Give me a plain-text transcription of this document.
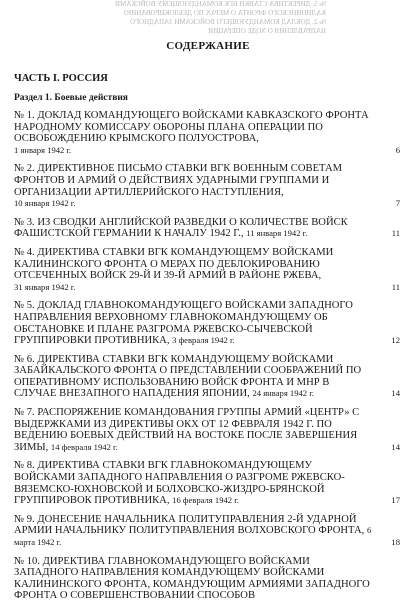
№ 5. ДИРЕКТИВА СТАВКИ ВГК КОМАНДУЮЩЕМУ ВОЙСКАМИ
КАЛИНИНСКОГО ФРОНТА О МЕРАХ ПО ДЕБЛОКИРОВАНИЮ
№ 2. ДОКЛАД КОМАНДУЮЩЕГО ВОЙСКАМИ ЗАПАДНОГО
НАПРАВЛЕНИЯ О ХОДЕ ОПЕРАЦИИ
СОДЕРЖАНИЕ
ЧАСТЬ I. РОССИЯ
Раздел 1. Боевые действия
№ 1. ДОКЛАД КОМАНДУЮЩЕГО ВОЙСКАМИ КАВКАЗСКОГО ФРОНТА НАРОДНОМУ КОМИССАРУ ОБОРОНЫ ПЛАНА ОПЕРАЦИИ ПО ОСВОБОЖДЕНИЮ КРЫМСКОГО ПОЛУОСТРОВА,
1 января 1942 г.	6
№ 2. ДИРЕКТИВНОЕ ПИСЬМО СТАВКИ ВГК ВОЕННЫМ СОВЕТАМ ФРОНТОВ И АРМИЙ О ДЕЙСТВИЯХ УДАРНЫМИ ГРУППАМИ И ОРГАНИЗАЦИИ АРТИЛЛЕРИЙСКОГО НАСТУПЛЕНИЯ,
10 января 1942 г.	7
№ 3. ИЗ СВОДКИ АНГЛИЙСКОЙ РАЗВЕДКИ О КОЛИЧЕСТВЕ ВОЙСК ФАШИСТСКОЙ ГЕРМАНИИ К НАЧАЛУ 1942 Г., 11 января 1942 г.	11
№ 4. ДИРЕКТИВА СТАВКИ ВГК КОМАНДУЮЩЕМУ ВОЙСКАМИ КАЛИНИНСКОГО ФРОНТА О МЕРАХ ПО ДЕБЛОКИРОВАНИЮ ОТСЕЧЕННЫХ ВОЙСК 29-Й И 39-Й АРМИЙ В РАЙОНЕ РЖЕВА,
31 января 1942 г.	11
№ 5. ДОКЛАД ГЛАВНОКОМАНДУЮЩЕГО ВОЙСКАМИ ЗАПАДНОГО НАПРАВЛЕНИЯ ВЕРХОВНОМУ ГЛАВНОКОМАНДУЮЩЕМУ ОБ ОБСТАНОВКЕ И ПЛАНЕ РАЗГРОМА РЖЕВСКО-СЫЧЕВСКОЙ ГРУППИРОВКИ ПРОТИВНИКА, 3 февраля 1942 г.	12
№ 6. ДИРЕКТИВА СТАВКИ ВГК КОМАНДУЮЩЕМУ ВОЙСКАМИ ЗАБАЙКАЛЬСКОГО ФРОНТА О ПРЕДСТАВЛЕНИИ СООБРАЖЕНИЙ ПО ОПЕРАТИВНОМУ ИСПОЛЬЗОВАНИЮ ВОЙСК ФРОНТА И МНР В СЛУЧАЕ ВНЕЗАПНОГО НАПАДЕНИЯ ЯПОНИИ, 24 января 1942 г.	14
№ 7. РАСПОРЯЖЕНИЕ КОМАНДОВАНИЯ ГРУППЫ АРМИЙ «ЦЕНТР» С ВЫДЕРЖКАМИ ИЗ ДИРЕКТИВЫ ОКХ ОТ 12 ФЕВРАЛЯ 1942 Г. ПО ВЕДЕНИЮ БОЕВЫХ ДЕЙСТВИЙ НА ВОСТОКЕ ПОСЛЕ ЗАВЕРШЕНИЯ ЗИМЫ, 14 февраля 1942 г.	14
№ 8. ДИРЕКТИВА СТАВКИ ВГК ГЛАВНОКОМАНДУЮЩЕМУ ВОЙСКАМИ ЗАПАДНОГО НАПРАВЛЕНИЯ О РАЗГРОМЕ РЖЕВСКО-ВЯЗЕМСКО-ЮХНОВСКОЙ И БОЛХОВСКО-ЖИЗДРО-БРЯНСКОЙ ГРУППИРОВОК ПРОТИВНИКА, 16 февраля 1942 г.	17
№ 9. ДОНЕСЕНИЕ НАЧАЛЬНИКА ПОЛИТУПРАВЛЕНИЯ 2-Й УДАРНОЙ АРМИИ НАЧАЛЬНИКУ ПОЛИТУПРАВЛЕНИЯ ВОЛХОВСКОГО ФРОНТА, 6 марта 1942 г.	18
№ 10. ДИРЕКТИВА ГЛАВНОКОМАНДУЮЩЕГО ВОЙСКАМИ ЗАПАДНОГО НАПРАВЛЕНИЯ КОМАНДУЮЩЕМУ ВОЙСКАМИ КАЛИНИНСКОГО ФРОНТА, КОМАНДУЮЩИМ АРМИЯМИ ЗАПАДНОГО ФРОНТА О СОВЕРШЕНСТВОВАНИИ СПОСОБОВ
